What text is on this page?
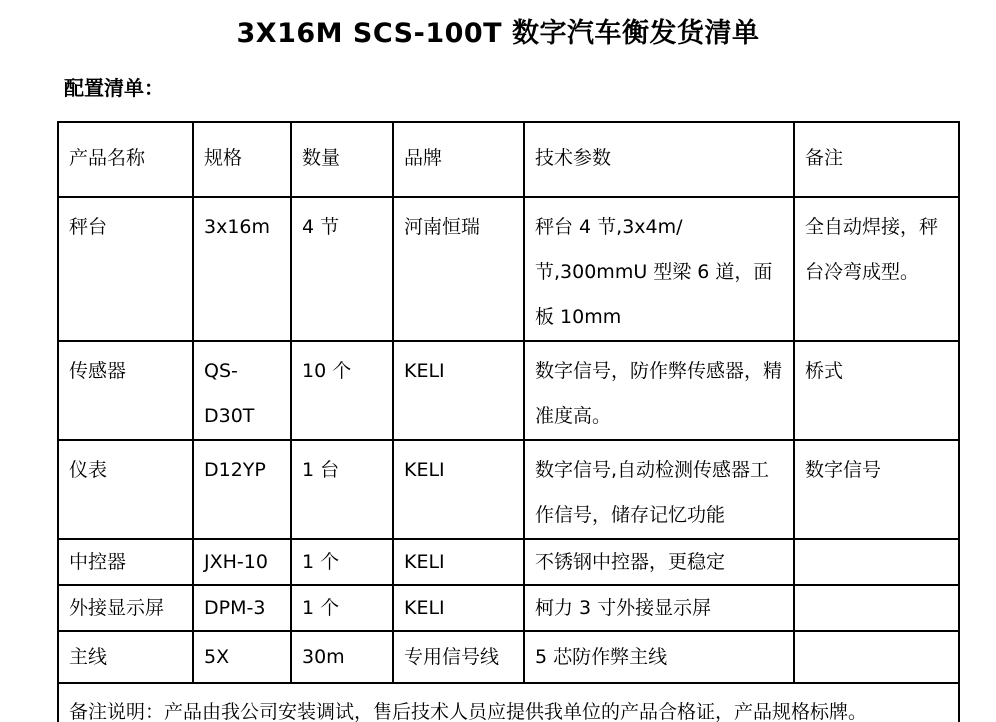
3X16M SCS-100T 数字汽车衡发货清单
配置清单：
产品名称	规格	数量	品牌	技术参数	备注
秤台	3x16m	4 节	河南恒瑞	秤台 4 节,3x4m/节,300mmU 型梁 6 道，面板 10mm	全自动焊接，秤台冷弯成型。
传感器	QS-D30T	10 个	KELI	数字信号，防作弊传感器，精准度高。	桥式
仪表	D12YP	1 台	KELI	数字信号,自动检测传感器工作信号，储存记忆功能	数字信号
中控器	JXH-10	1 个	KELI	不锈钢中控器，更稳定	
外接显示屏	DPM-3	1 个	KELI	柯力 3 寸外接显示屏	
主线	5X	30m	专用信号线	5 芯防作弊主线	
备注说明：产品由我公司安装调试，售后技术人员应提供我单位的产品合格证，产品规格标牌。					
